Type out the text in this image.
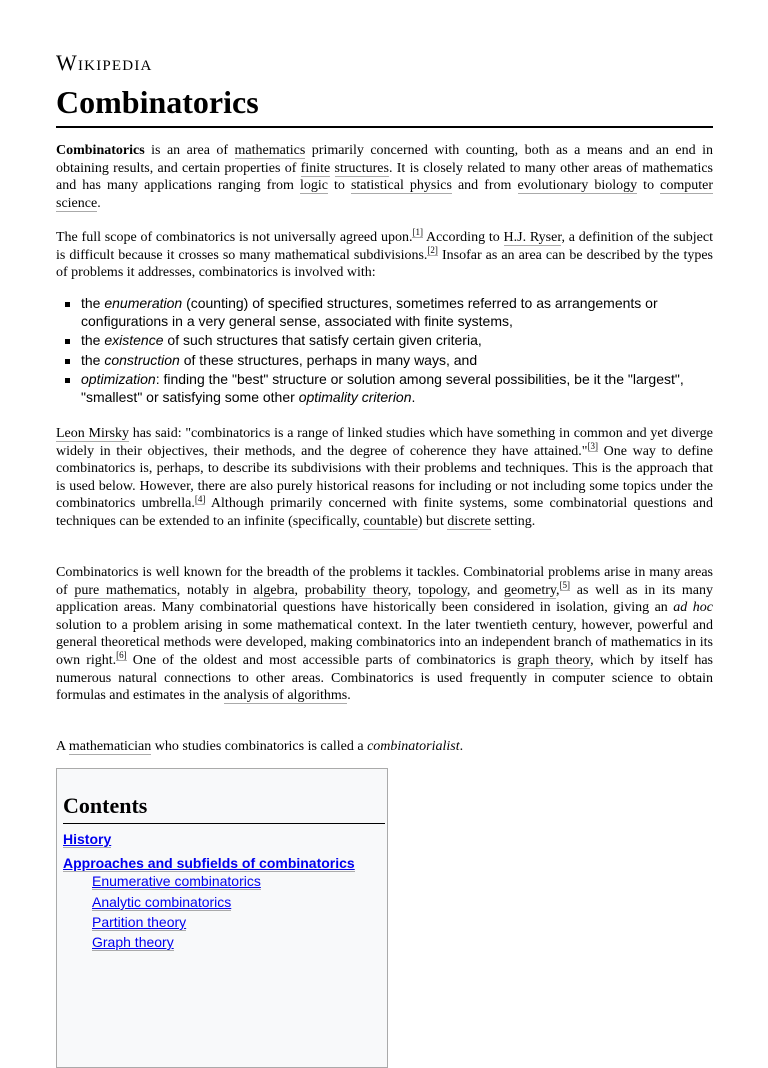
Wikipedia
Combinatorics

Combinatorics is an area of mathematics primarily concerned with counting, both as a means and an end in obtaining results, and certain properties of finite structures. It is closely related to many other areas of mathematics and has many applications ranging from logic to statistical physics and from evolutionary biology to computer science.

The full scope of combinatorics is not universally agreed upon.[1] According to H.J. Ryser, a definition of the subject is difficult because it crosses so many mathematical subdivisions.[2] Insofar as an area can be described by the types of problems it addresses, combinatorics is involved with:

the enumeration (counting) of specified structures, sometimes referred to as arrangements or configurations in a very general sense, associated with finite systems,
the existence of such structures that satisfy certain given criteria,
the construction of these structures, perhaps in many ways, and
optimization: finding the "best" structure or solution among several possibilities, be it the "largest", "smallest" or satisfying some other optimality criterion.

Leon Mirsky has said: "combinatorics is a range of linked studies which have something in common and yet diverge widely in their objectives, their methods, and the degree of coherence they have attained."[3] One way to define combinatorics is, perhaps, to describe its subdivisions with their problems and techniques. This is the approach that is used below. However, there are also purely historical reasons for including or not including some topics under the combinatorics umbrella.[4] Although primarily concerned with finite systems, some combinatorial questions and techniques can be extended to an infinite (specifically, countable) but discrete setting.

Combinatorics is well known for the breadth of the problems it tackles. Combinatorial problems arise in many areas of pure mathematics, notably in algebra, probability theory, topology, and geometry,[5] as well as in its many application areas. Many combinatorial questions have historically been considered in isolation, giving an ad hoc solution to a problem arising in some mathematical context. In the later twentieth century, however, powerful and general theoretical methods were developed, making combinatorics into an independent branch of mathematics in its own right.[6] One of the oldest and most accessible parts of combinatorics is graph theory, which by itself has numerous natural connections to other areas. Combinatorics is used frequently in computer science to obtain formulas and estimates in the analysis of algorithms.

A mathematician who studies combinatorics is called a combinatorialist.

Contents
History
Approaches and subfields of combinatorics
Enumerative combinatorics
Analytic combinatorics
Partition theory
Graph theory
